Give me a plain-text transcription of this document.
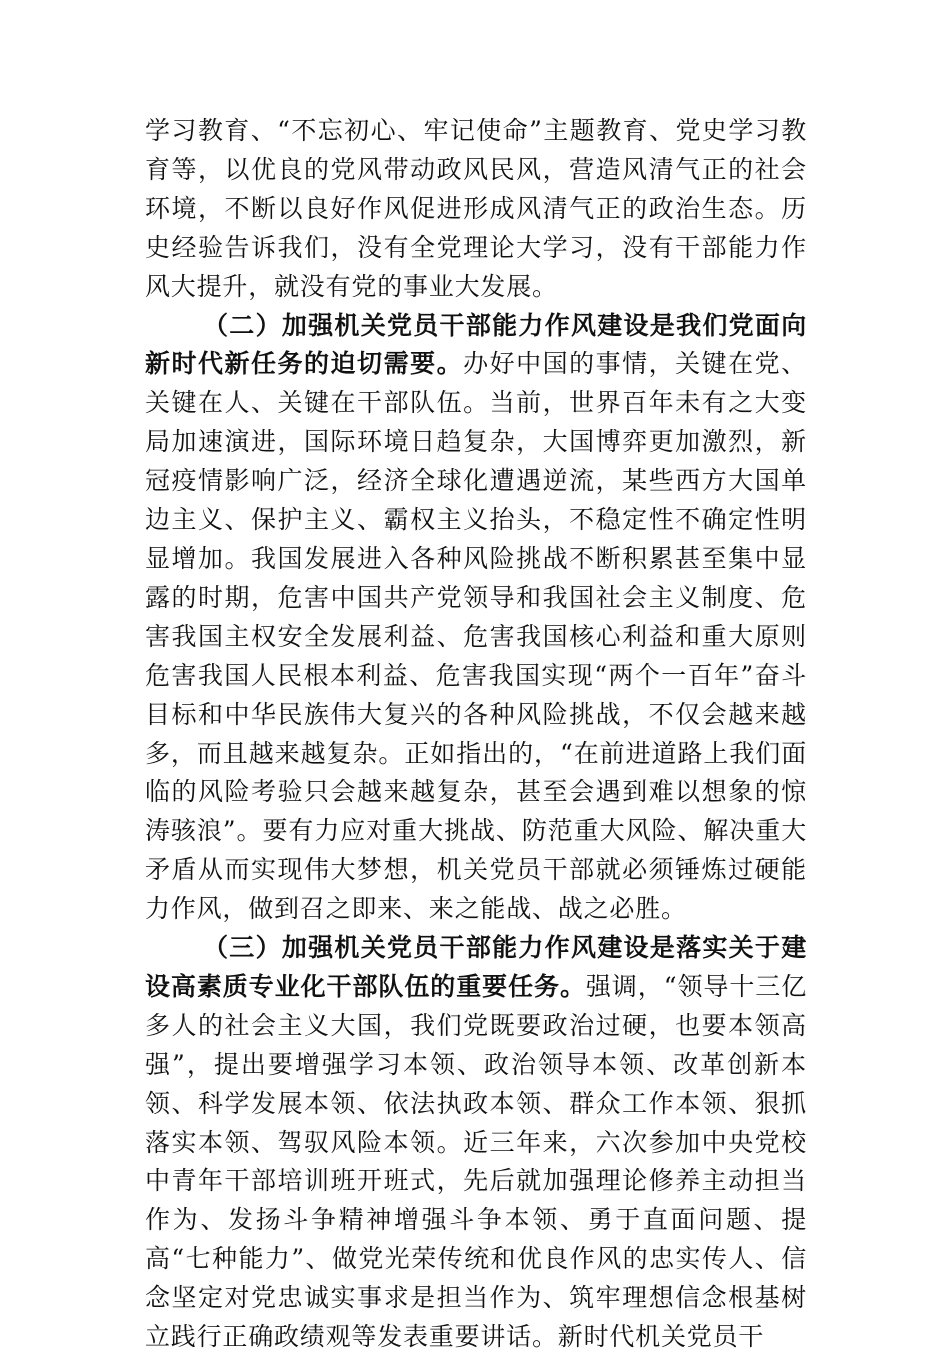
学习教育、“不忘初心、牢记使命”主题教育、党史学习教育等，以优良的党风带动政风民风，营造风清气正的社会环境，不断以良好作风促进形成风清气正的政治生态。历史经验告诉我们，没有全党理论大学习，没有干部能力作风大提升，就没有党的事业大发展。

（二）加强机关党员干部能力作风建设是我们党面向新时代新任务的迫切需要。办好中国的事情，关键在党、关键在人、关键在干部队伍。当前，世界百年未有之大变局加速演进，国际环境日趋复杂，大国博弈更加激烈，新冠疫情影响广泛，经济全球化遭遇逆流，某些西方大国单边主义、保护主义、霸权主义抬头，不稳定性不确定性明显增加。我国发展进入各种风险挑战不断积累甚至集中显露的时期，危害中国共产党领导和我国社会主义制度、危害我国主权安全发展利益、危害我国核心利益和重大原则危害我国人民根本利益、危害我国实现“两个一百年”奋斗目标和中华民族伟大复兴的各种风险挑战，不仅会越来越多，而且越来越复杂。正如指出的，“在前进道路上我们面临的风险考验只会越来越复杂，甚至会遇到难以想象的惊涛骇浪”。要有力应对重大挑战、防范重大风险、解决重大矛盾从而实现伟大梦想，机关党员干部就必须锤炼过硬能力作风，做到召之即来、来之能战、战之必胜。

（三）加强机关党员干部能力作风建设是落实关于建设高素质专业化干部队伍的重要任务。强调，“领导十三亿多人的社会主义大国，我们党既要政治过硬，也要本领高强”，提出要增强学习本领、政治领导本领、改革创新本领、科学发展本领、依法执政本领、群众工作本领、狠抓落实本领、驾驭风险本领。近三年来，六次参加中央党校中青年干部培训班开班式，先后就加强理论修养主动担当作为、发扬斗争精神增强斗争本领、勇于直面问题、提高“七种能力”、做党光荣传统和优良作风的忠实传人、信念坚定对党忠诚实事求是担当作为、筑牢理想信念根基树立践行正确政绩观等发表重要讲话。新时代机关党员干
